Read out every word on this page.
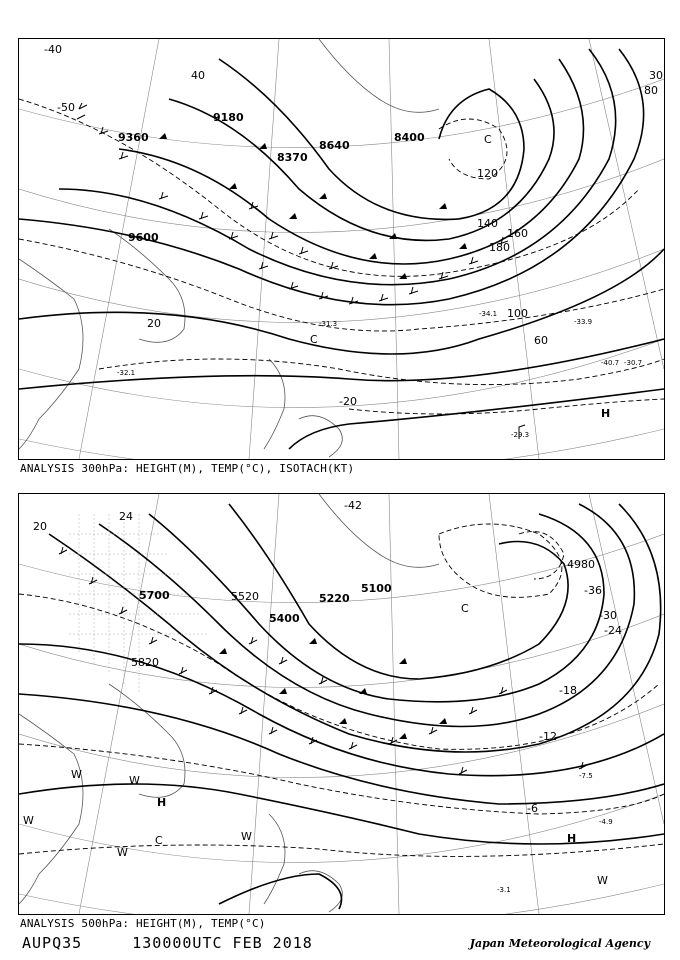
9360
9180
8640
8400
8370
9600
20
40
60
80
100
120
140
160
180
30
-40
-50
-20
-40.7 -30.7
-29.3
-32.1
-31.3
-34.1
-33.9
H
C
C
ANALYSIS 300hPa: HEIGHT(M), TEMP(°C), ISOTACH(KT)
5700
5400
5220
5100
5820
4980
5520
-42
-36
-30
-24
-18
-12
-6
24
20
-7.5
-4.9
-3.1
H
H
C
C
W	W
W
W
W
W
ANALYSIS 500hPa: HEIGHT(M), TEMP(°C)
AUPQ35	130000UTC FEB 2018	Japan Meteorological Agency
